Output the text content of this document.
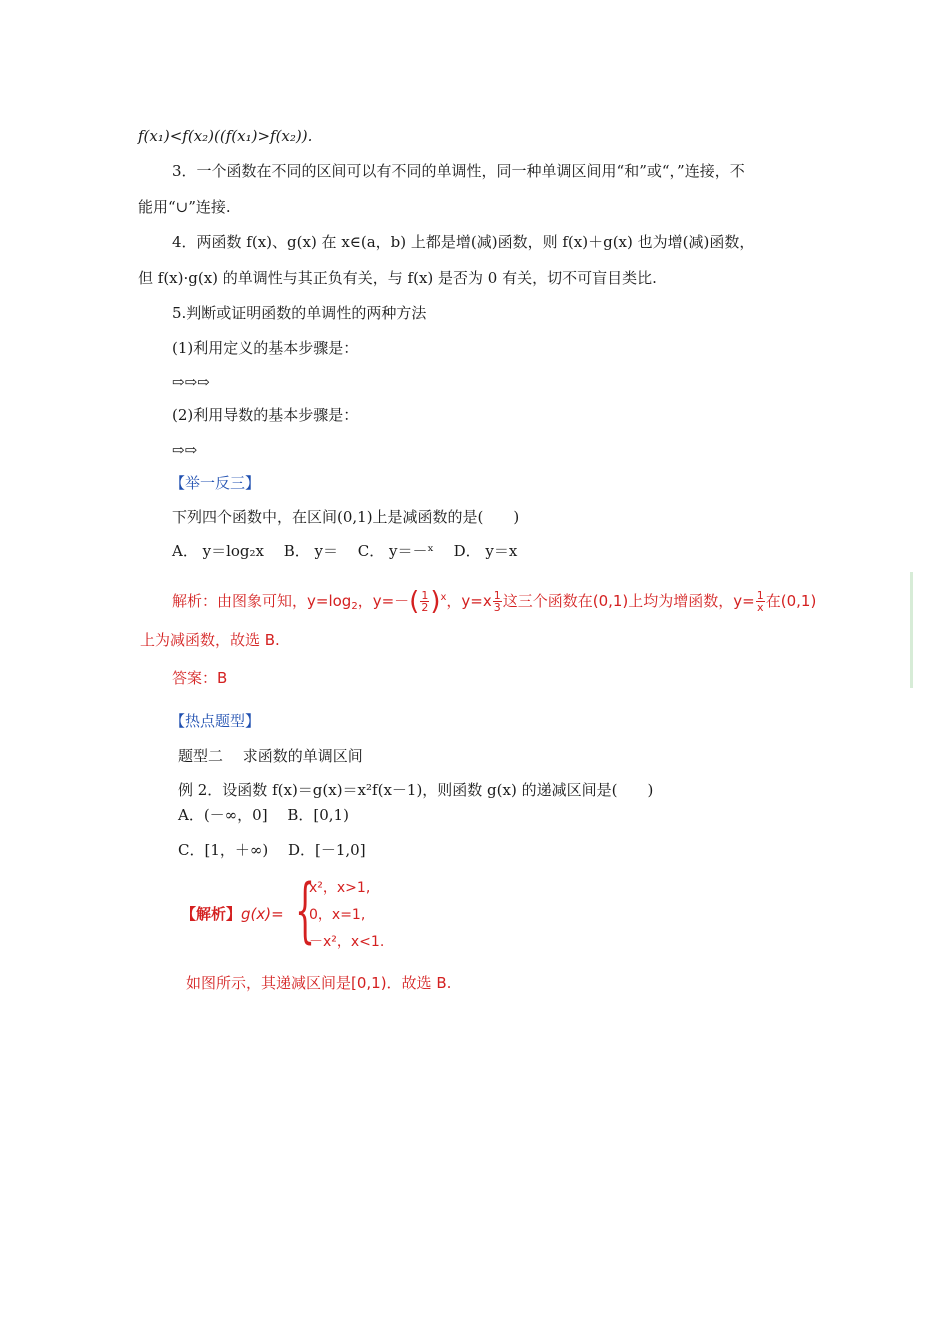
f(x₁)<f(x₂)((f(x₁)>f(x₂)).
3．一个函数在不同的区间可以有不同的单调性，同一种单调区间用“和”或“，”连接，不
能用“∪”连接.
4．两函数 f(x)、g(x) 在 x∈(a，b) 上都是增(减)函数，则 f(x)＋g(x) 也为增(减)函数，
但 f(x)·g(x) 的单调性与其正负有关，与 f(x) 是否为 0 有关，切不可盲目类比.
5.判断或证明函数的单调性的两种方法
(1)利用定义的基本步骤是：
⇨⇨⇨
(2)利用导数的基本步骤是：
⇨⇨
【举一反三】
下列四个函数中，在区间(0,1)上是减函数的是(　　)
A． y＝log₂x　 B． y＝　 C． y＝－ˣ　 D． y＝x
解析：由图象可知，$y=\log_2$，$y=-( \frac{1}{2} )^x$，$y=x \frac{1}{3}$ 这三个函数在(0,1)上均为增函数，$y= \frac{1}{x}$ 在(0,1)
上为减函数，故选 B.
答案：B
【热点题型】
题型二　 求函数的单调区间
例 2．设函数 f(x)＝g(x)＝x²f(x－1)，则函数 g(x) 的递减区间是(　　)
A．(－∞，0]　 B．[0,1)
C．[1，＋∞)　 D．[－1,0]
【解析】g(x)= {
x²，x>1,
0，x=1,
－x²，x<1.
如图所示，其递减区间是[0,1)．故选 B.
